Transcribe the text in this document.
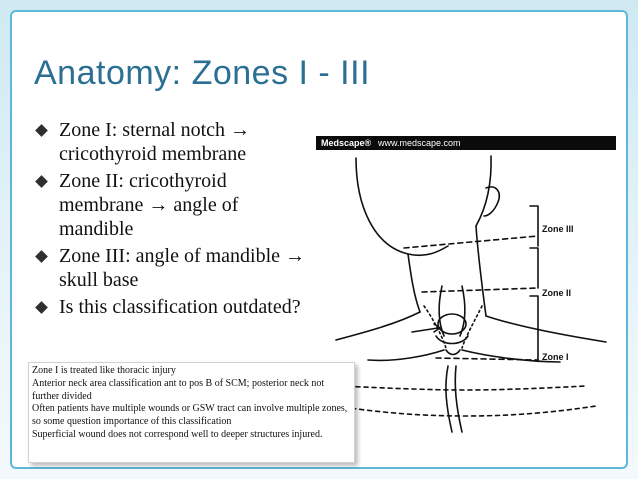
Anatomy: Zones I - III
Zone I: sternal notch → cricothyroid membrane
Zone II: cricothyroid membrane → angle of mandible
Zone III: angle of mandible → skull base
Is this classification outdated?
Medscape® www.medscape.com
Zone III
Zone II
Zone I

Zone I is treated like thoracic injury

Anterior neck area classification ant to pos B of SCM; posterior neck not further divided

Often patients have multiple wounds or GSW tract can involve multiple zones, so some question importance of this classification

Superficial wound does not correspond well to deeper structures injured.
